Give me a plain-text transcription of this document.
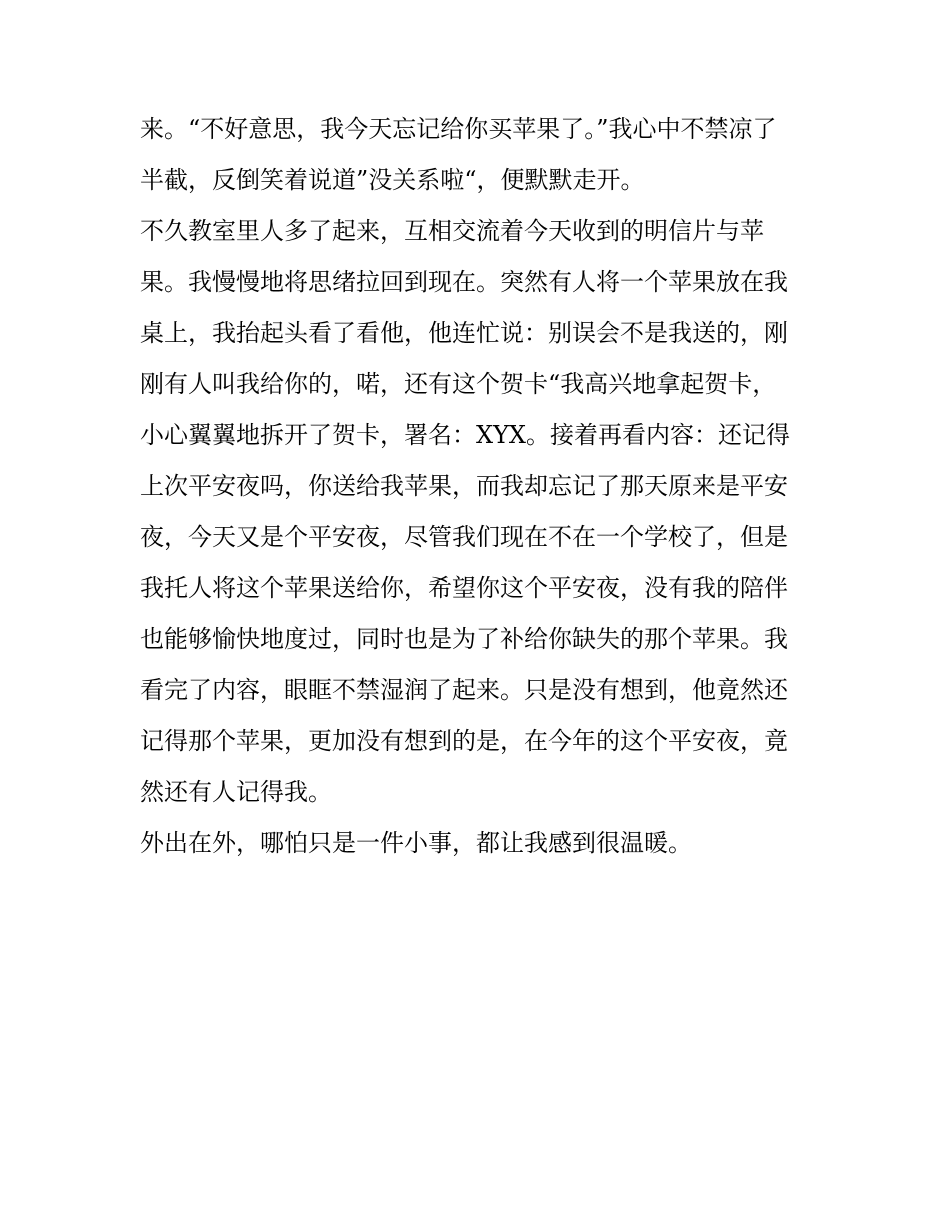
来。“不好意思，我今天忘记给你买苹果了。”我心中不禁凉了
半截，反倒笑着说道”没关系啦“，便默默走开。
不久教室里人多了起来，互相交流着今天收到的明信片与苹
果。我慢慢地将思绪拉回到现在。突然有人将一个苹果放在我
桌上，我抬起头看了看他，他连忙说：别误会不是我送的，刚
刚有人叫我给你的，喏，还有这个贺卡“我高兴地拿起贺卡，
小心翼翼地拆开了贺卡，署名：XYX。接着再看内容：还记得
上次平安夜吗，你送给我苹果，而我却忘记了那天原来是平安
夜，今天又是个平安夜，尽管我们现在不在一个学校了，但是
我托人将这个苹果送给你，希望你这个平安夜，没有我的陪伴
也能够愉快地度过，同时也是为了补给你缺失的那个苹果。我
看完了内容，眼眶不禁湿润了起来。只是没有想到，他竟然还
记得那个苹果，更加没有想到的是，在今年的这个平安夜，竟
然还有人记得我。
外出在外，哪怕只是一件小事，都让我感到很温暖。
